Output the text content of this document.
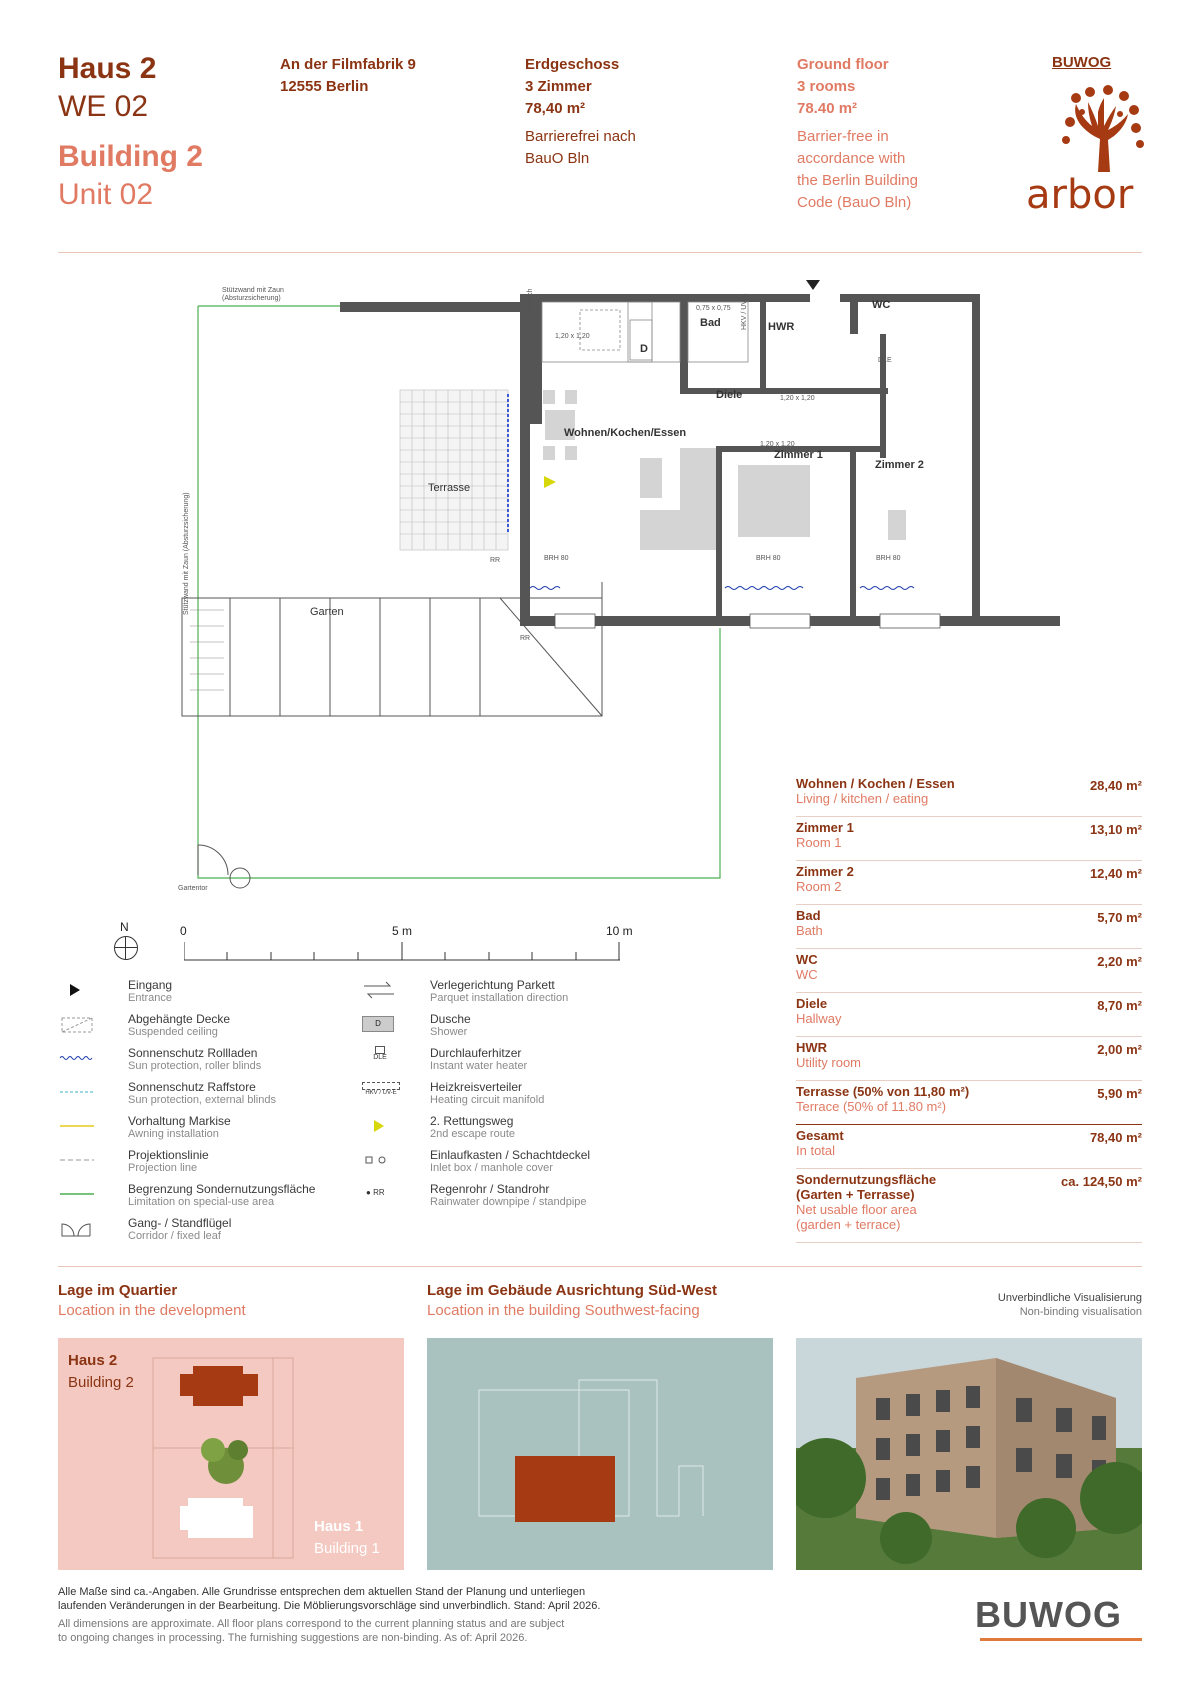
Haus 2
WE 02
Building 2
Unit 02
An der Filmfabrik 9
12555 Berlin
Erdgeschoss
3 Zimmer
78,40 m²
Barrierefrei nach
BauO Bln
Ground floor
3 rooms
78.40 m²
Barrier-free in
accordance with
the Berlin Building
Code (BauO Bln)
BUWOG
arbor
Terrasse
Garten
Stützwand mit Zaun
(Absturzsicherung)
Stützwand mit Zaun (Absturzsicherung)
Wohnen/Kochen/Essen
D
Bad	HWR
WC
Diele
Zimmer 1
Zimmer 2
BRH 80	BRH 80	BRH 80
RR
RR
1,20 x 1,20
0,75 x 0,75
1,20 x 1,20
1,20 x 1,20
DLE
HKV / UV-E
Untertisch
Gartentor
N	0	5 m	10 m
Eingang
Entrance
Abgehängte Decke
Suspended ceiling
Sonnenschutz Rollladen
Sun protection, roller blinds
Sonnenschutz Raffstore
Sun protection, external blinds
Vorhaltung Markise
Awning installation
Projektionslinie
Projection line
Begrenzung Sondernutzungsfläche
Limitation on special-use area
Gang- / Standflügel
Corridor / fixed leaf
Verlegerichtung Parkett
Parquet installation direction
D	Dusche
Shower
DLE	Durchlauferhitzer
Instant water heater
HKV / UV-E	Heizkreisverteiler
Heating circuit manifold
2. Rettungsweg
2nd escape route
Einlaufkasten / Schachtdeckel
Inlet box / manhole cover
● RR	Regenrohr / Standrohr
Rainwater downpipe / standpipe
Wohnen / Kochen / Essen
Living / kitchen / eating
28,40 m²
Zimmer 1
Room 1
13,10 m²
Zimmer 2
Room 2
12,40 m²
Bad
Bath
5,70 m²
WC
WC
2,20 m²
Diele
Hallway
8,70 m²
HWR
Utility room
2,00 m²
Terrasse (50% von 11,80 m²)
Terrace (50% of 11.80 m²)
5,90 m²
Gesamt
In total
78,40 m²
Sondernutzungsfläche
(Garten + Terrasse)
Net usable floor area
(garden + terrace)
ca. 124,50 m²
Lage im Quartier
Location in the development
Lage im Gebäude Ausrichtung Süd-West
Location in the building Southwest-facing
Unverbindliche Visualisierung
Non-binding visualisation
Haus 2
Building 2
Haus 1
Building 1
Alle Maße sind ca.-Angaben. Alle Grundrisse entsprechen dem aktuellen Stand der Planung und unterliegen
laufenden Veränderungen in der Bearbeitung. Die Möblierungsvorschläge sind unverbindlich. Stand: April 2026.
All dimensions are approximate. All floor plans correspond to the current planning status and are subject
to ongoing changes in processing. The furnishing suggestions are non-binding. As of: April 2026.
BUWOG
